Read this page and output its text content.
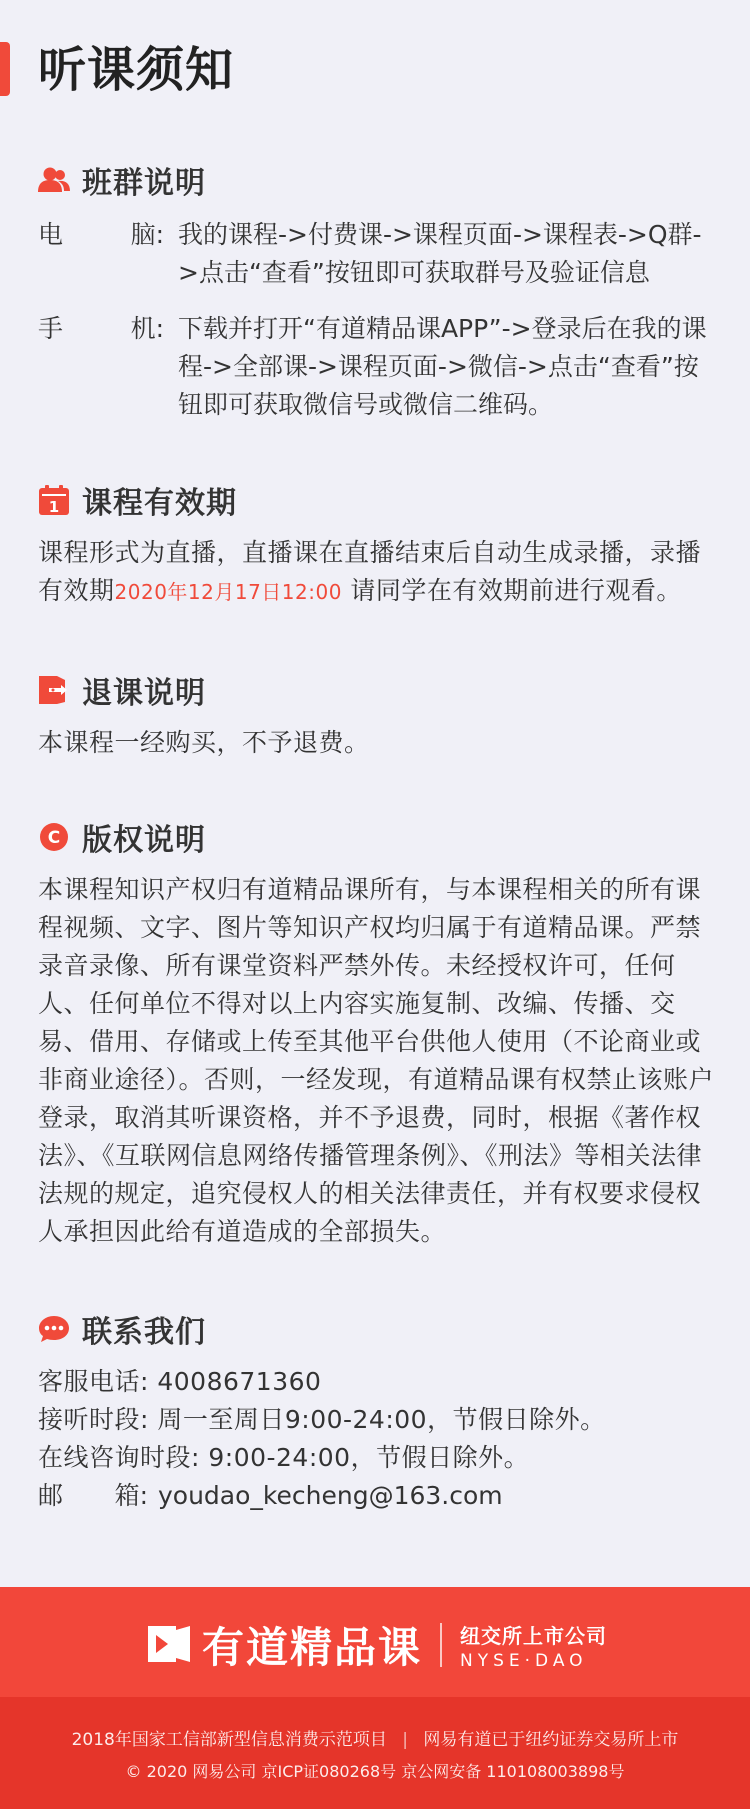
听课须知
班群说明
电	脑: 我的课程->付费课->课程页面->课程表->Q群->点击“查看”按钮即可获取群号及验证信息
手	机: 下载并打开“有道精品课APP”->登录后在我的课程->全部课->课程页面->微信->点击“查看”按钮即可获取微信号或微信二维码。
1 课程有效期
课程形式为直播，直播课在直播结束后自动生成录播，录播有效期2020年12月17日12:00 请同学在有效期前进行观看。
退课说明
本课程一经购买，不予退费。
C 版权说明
本课程知识产权归有道精品课所有，与本课程相关的所有课程视频、文字、图片等知识产权均归属于有道精品课。严禁录音录像、所有课堂资料严禁外传。未经授权许可，任何人、任何单位不得对以上内容实施复制、改编、传播、交易、借用、存储或上传至其他平台供他人使用（不论商业或非商业途径）。否则，一经发现，有道精品课有权禁止该账户登录，取消其听课资格，并不予退费，同时，根据《著作权法》、《互联网信息网络传播管理条例》、《刑法》等相关法律法规的规定，追究侵权人的相关法律责任，并有权要求侵权人承担因此给有道造成的全部损失。
联系我们
客服电话: 4008671360
接听时段: 周一至周日9:00-24:00，节假日除外。
在线咨询时段: 9:00-24:00，节假日除外。
邮 箱: youdao_kecheng@163.com
有道精品课 纽交所上市公司
NYSE·DAO
2018年国家工信部新型信息消费示范项目 | 网易有道已于纽约证券交易所上市
© 2020 网易公司 京ICP证080268号 京公网安备 110108003898号
